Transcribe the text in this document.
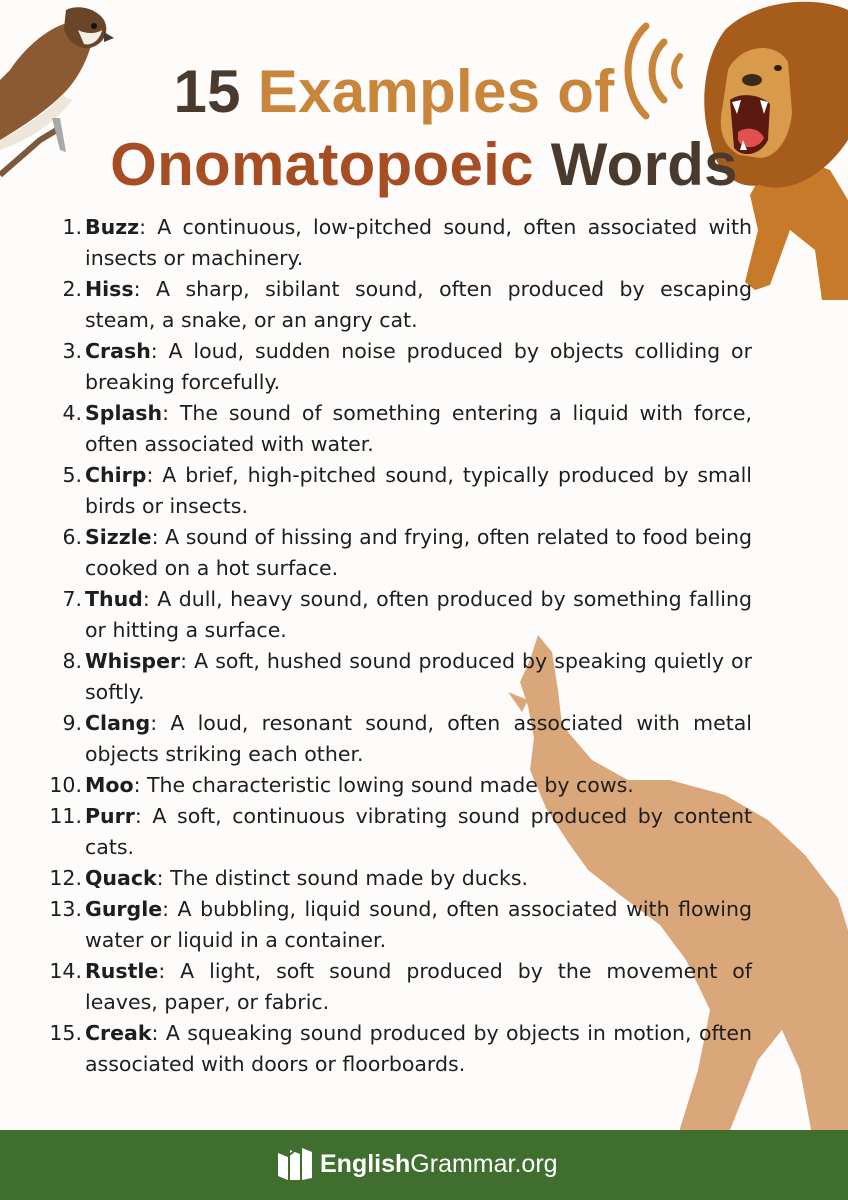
15 Examples of
Onomatopoeic Words
1. Buzz: A continuous, low-pitched sound, often associated with insects or machinery.
2. Hiss: A sharp, sibilant sound, often produced by escaping steam, a snake, or an angry cat.
3. Crash: A loud, sudden noise produced by objects colliding or breaking forcefully.
4. Splash: The sound of something entering a liquid with force, often associated with water.
5. Chirp: A brief, high-pitched sound, typically produced by small birds or insects.
6. Sizzle: A sound of hissing and frying, often related to food being cooked on a hot surface.
7. Thud: A dull, heavy sound, often produced by something falling or hitting a surface.
8. Whisper: A soft, hushed sound produced by speaking quietly or softly.
9. Clang: A loud, resonant sound, often associated with metal objects striking each other.
10. Moo: The characteristic lowing sound made by cows.
11. Purr: A soft, continuous vibrating sound produced by content cats.
12. Quack: The distinct sound made by ducks.
13. Gurgle: A bubbling, liquid sound, often associated with flowing water or liquid in a container.
14. Rustle: A light, soft sound produced by the movement of leaves, paper, or fabric.
15. Creak: A squeaking sound produced by objects in motion, often associated with doors or floorboards.
EnglishGrammar.org
